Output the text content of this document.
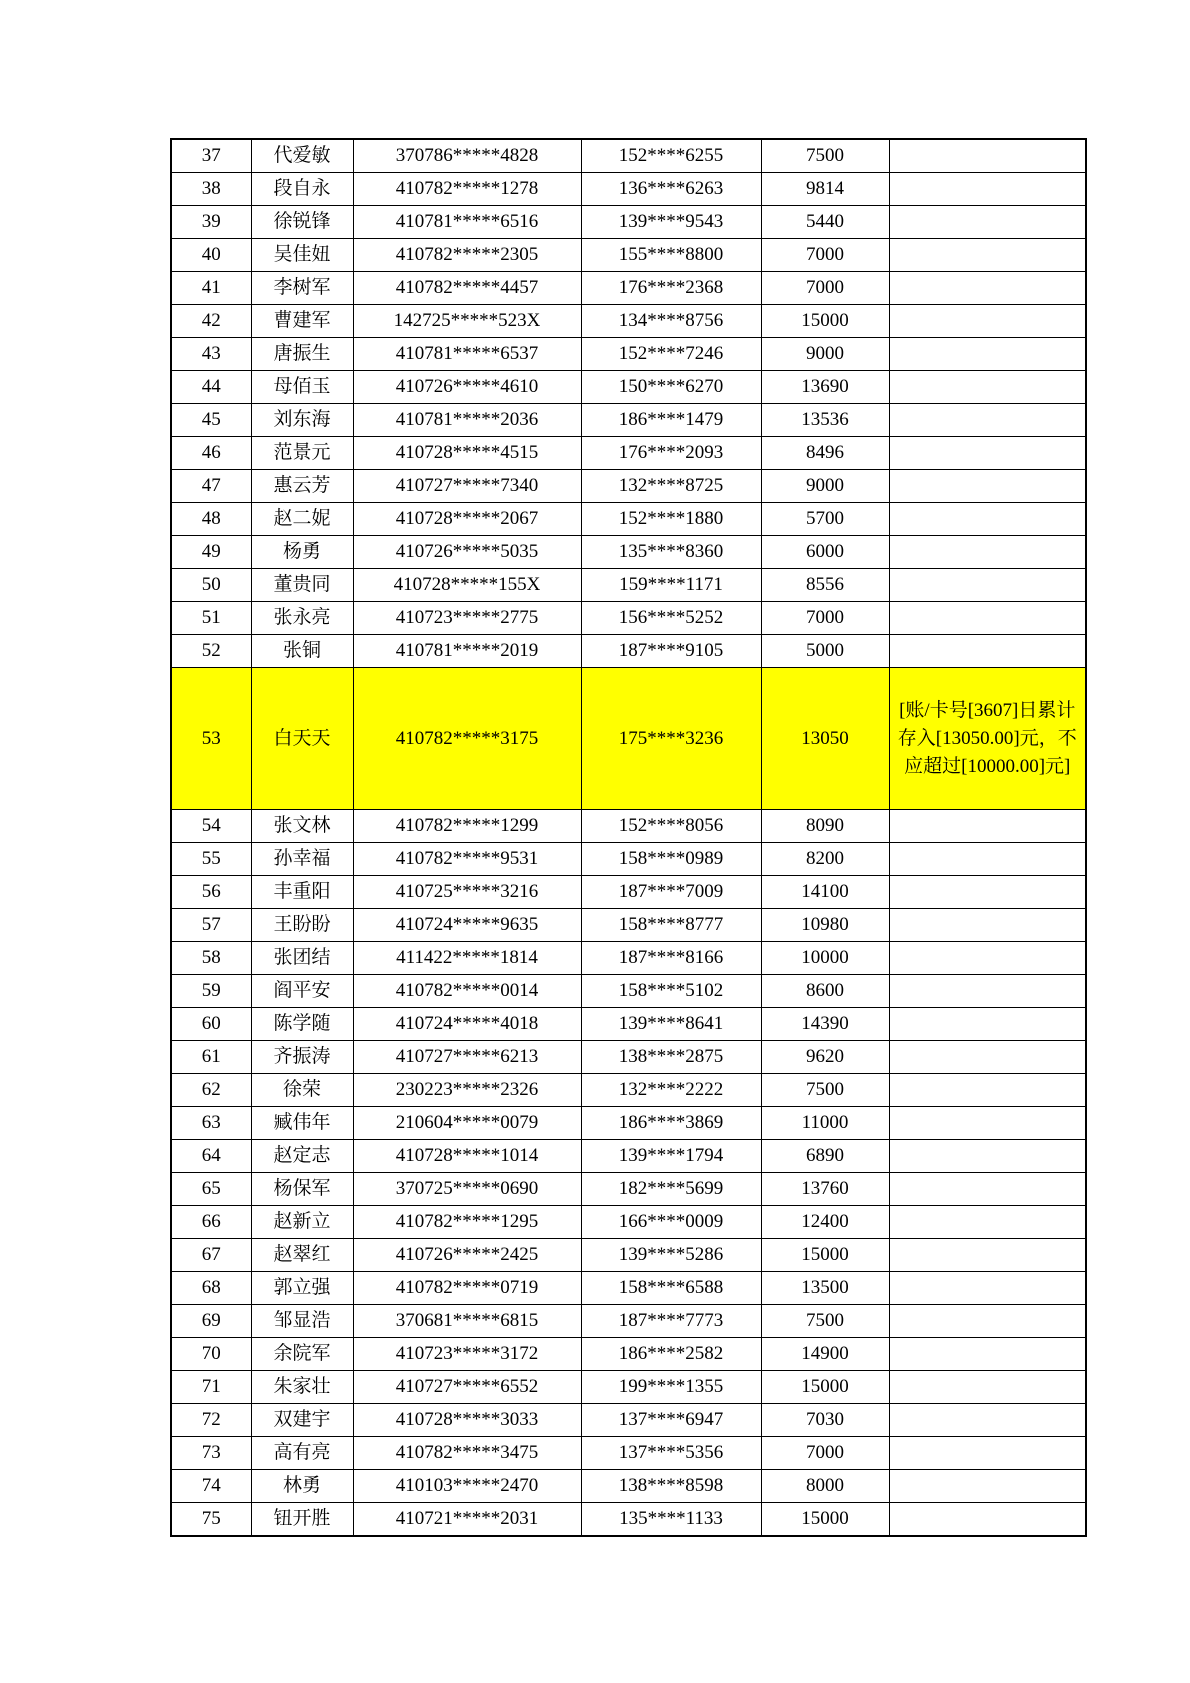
37	代爱敏	370786*****4828	152****6255	7500	
38	段自永	410782*****1278	136****6263	9814	
39	徐锐锋	410781*****6516	139****9543	5440	
40	吴佳妞	410782*****2305	155****8800	7000	
41	李树军	410782*****4457	176****2368	7000	
42	曹建军	142725*****523X	134****8756	15000	
43	唐振生	410781*****6537	152****7246	9000	
44	母佰玉	410726*****4610	150****6270	13690	
45	刘东海	410781*****2036	186****1479	13536	
46	范景元	410728*****4515	176****2093	8496	
47	惠云芳	410727*****7340	132****8725	9000	
48	赵二妮	410728*****2067	152****1880	5700	
49	杨勇	410726*****5035	135****8360	6000	
50	董贵同	410728*****155X	159****1171	8556	
51	张永亮	410723*****2775	156****5252	7000	
52	张铜	410781*****2019	187****9105	5000	
53	白天天	410782*****3175	175****3236	13050	[账/卡号[3607]日累计存入[13050.00]元，不应超过[10000.00]元]
54	张文林	410782*****1299	152****8056	8090	
55	孙幸福	410782*****9531	158****0989	8200	
56	丰重阳	410725*****3216	187****7009	14100	
57	王盼盼	410724*****9635	158****8777	10980	
58	张团结	411422*****1814	187****8166	10000	
59	阎平安	410782*****0014	158****5102	8600	
60	陈学随	410724*****4018	139****8641	14390	
61	齐振涛	410727*****6213	138****2875	9620	
62	徐荣	230223*****2326	132****2222	7500	
63	臧伟年	210604*****0079	186****3869	11000	
64	赵定志	410728*****1014	139****1794	6890	
65	杨保军	370725*****0690	182****5699	13760	
66	赵新立	410782*****1295	166****0009	12400	
67	赵翠红	410726*****2425	139****5286	15000	
68	郭立强	410782*****0719	158****6588	13500	
69	邹显浩	370681*****6815	187****7773	7500	
70	余院军	410723*****3172	186****2582	14900	
71	朱家壮	410727*****6552	199****1355	15000	
72	双建宇	410728*****3033	137****6947	7030	
73	高有亮	410782*****3475	137****5356	7000	
74	林勇	410103*****2470	138****8598	8000	
75	钮开胜	410721*****2031	135****1133	15000	
